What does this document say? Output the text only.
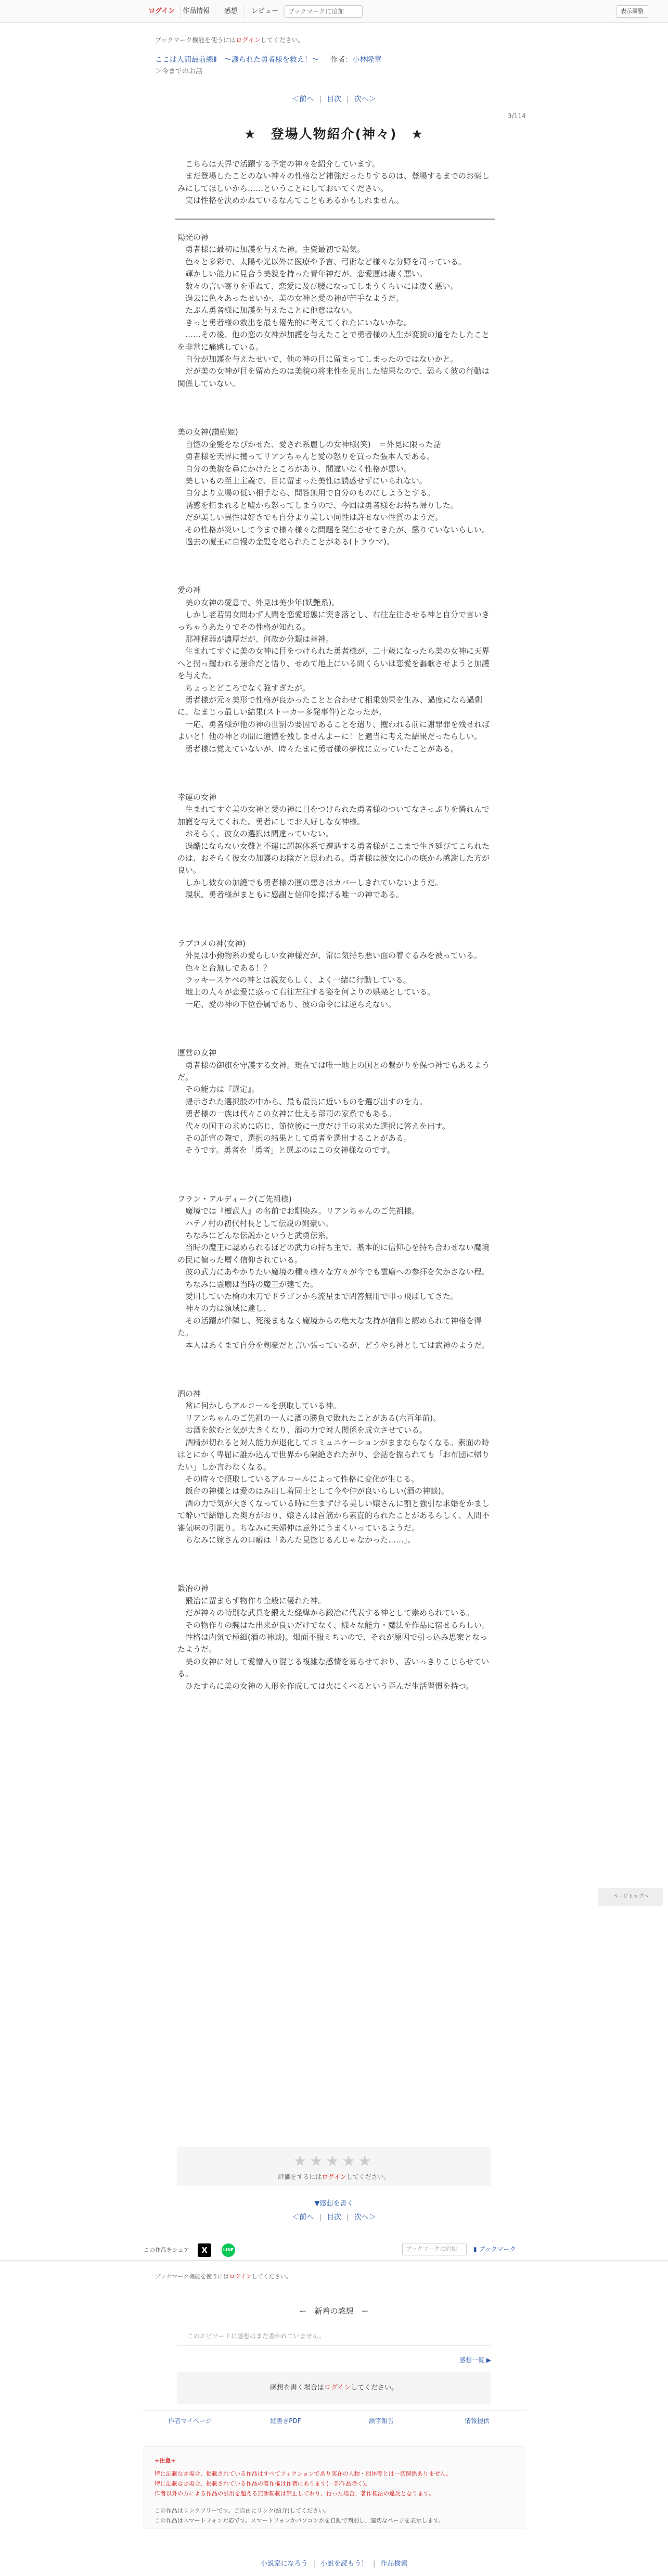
ログイン	作品情報	感想	レビュー
ブックマークに追加	表示調整
ブックマーク機能を使うにはログインしてください。
ここは人間最前線Ⅱ　～護られた勇者様を救え！～ 作者：小林隆章
＞今までのお話
＜前へ | 目次 | 次へ＞
3/114
★　登場人物紹介(神々)　★

　こちらは天界で活躍する予定の神々を紹介しています。

　まだ登場したことのない神々の性格など補強だったりするのは、登場するまでのお楽しみにしてほしいから……ということにしておいてください。

　実は性格を決めかねているなんてこともあるかもしれません。

陽光の神

　勇者様に最初に加護を与えた神。主資最初で陽気。

　色々と多彩で、太陽や光以外に医療や予言、弓術など様々な分野を司っている。

　輝かしい能力に見合う美貌を持った青年神だが、恋愛運は凄く悪い。

　数々の言い寄りを重ねて、恋愛に及び腰になってしまうくらいには凄く悪い。

　過去に色々あったせいか、美の女神と愛の神が苦手なようだ。

　たぶん勇者様に加護を与えたことに他意はない。

　きっと勇者様の救出を最も優先的に考えてくれたにいないかな。

　……その後、他の恋の女神が加護を与えたことで勇者様の人生が変貌の道をたしたことを非常に痛感している。

　自分が加護を与えたせいで、他の神の目に留まってしまったのではないかと。

　だが美の女神が目を留めたのは美貌の将来性を見出した結果なので、恐らく彼の行動は関係していない。

美の女神(讃樹姫)

　自惚の金髪をなびかせた、愛され系麗しの女神様(笑)　＝外見に限った話

　勇者様を天界に攫ってリアンちゃんと愛の怒りを買った張本人である。

　自分の美貌を鼻にかけたところがあり、間違いなく性格が悪い。

　美しいもの至上主義で、目に留まった美性は誘惑せずにいられない。

　自分より立場の低い相手なら、問答無用で自分のものにしようとする。

　誘惑を拒まれると嘘から怒ってしまうので、今回は勇者様をお持ち帰りした。

　だが美しい異性は好きでも自分より美しい同性は許せない性質のようだ。

　その性格が災いして今まで様々様々な問題を発生させてきたが、懲りていないらしい。

　過去の魔王に自慢の金髪を毟られたことがある(トラウマ)。

愛の神

　美の女神の愛息で、外見は美少年(妖艶系)。

　しかし老若男女問わず人間を恋愛暗態に突き落とし、右往左往させる神と自分で言いきっちゃうあたりでその性格が知れる。

　那神秘器が濃厚だが、何故か分類は善神。

　生まれてすぐに美の女神に目をつけられた勇者様が、二十歳になったら美の女神に天界へと拐っ攫われる運命だと悟り、せめて地上にいる間くらいは恋愛を謳歌させようと加護を与えた。

　ちょっとどころでなく強すぎたが。

　勇者様が元々美形で性格が良かったことと合わせて相乗効果を生み、過度になら過剰に、なまじっ最しい結果(ストーカー多発事件)となったが。

　一応、勇者様が他の神の世罰の要因であることを遣り、攫われる前に謝罪罪を残せればよいと！他の神との間に遺憾を残しませんよーに！と適当に考えた結果だったらしい。

　勇者様は覚えていないが、時々たまに勇者様の夢枕に立っていたことがある。

幸運の女神

　生まれてすぐ美の女神と愛の神に目をつけられた勇者様のついてなさっぷりを憐れんで加護を与えてくれた。勇者にしてお人好しな女神様。

　おそらく、彼女の選択は間違っていない。

　過酷にならない女難と不運に超越体系で遭遇する勇者様がここまで生き延びてこられたのは、おそらく彼女の加護のお陰だと思われる。勇者様は彼女に心の底から感謝した方が良い。

　しかし彼女の加護でも勇者様の運の悪さはカバーしきれていないようだ。

　現状、勇者様がまともに感謝と信仰を捧げる唯一の神である。

ラブコメの神(女神)

　外見は小動物系の愛らしい女神様だが、常に気持ち悪い面の着ぐるみを被っている。

　色々と台無しである！？

　ラッキースケベの神とは親友らしく、よく一緒に行動している。

　地上の人々が恋愛に惑って右往左往する姿を何よりの娯楽としている。

　一応、愛の神の下位眷属であり、彼の命令には逆らえない。

運営の女神

　勇者様の御旗を守護する女神。現在では唯一地上の国との繋がりを保つ神でもあるようだ。

　その能力は『選定』。

　提示された選択肢の中から、最も最良に近いものを選び出すのを力。

　勇者様の一族は代々この女神に仕える部司の家系でもある。

　代々の国王の求めに応じ、節位後に一度だけ王の求めた選択に答えを出す。

　その託宣の際で、選択の結果として勇者を選出することがある。

　そうです。勇者を「勇者」と選ぶのはこの女神様なのです。

フラン・アルディーク(ご先祖様)

　魔境では『檀武人』の名前でお馴染み。リアンちゃんのご先祖様。

　ハテノ村の初代村長として伝説の剣豪い。

　ちなみにどんな伝説かというと武勇伝系。

　当時の魔王に認められるほどの武力の持ち主で、基本的に信仰心を持ち合わせない魔境の民に偏った層く信仰されている。

　彼の武力にあやかりたい魔境の種々様々な方々が今でも霊廟への参拝を欠かさない程。

　ちなみに霊廟は当時の魔王が建てた。

　愛用していた槍の木刀でドラゴンから流星まで問答無用で叩っ飛ばしてきた。

　神々の力は領域に達し、

　その活躍が件隣し、死後まもなく魔境からの絶大な支持が信仰と認められて神格を得た。

　本人はあくまで自分を剣豪だと言い張っているが、どうやら神としては武神のようだ。

酒の神

　常に何かしらアルコールを摂取している神。

　リアンちゃんのご先祖の一人に酒の勝負で敗れたことがある(六百年前)。

　お酒を飲むと気が大きくなり、酒の力で対人関係を成立させている。

　酒精が切れると対人能力が退化してコミュニケーションがままならなくなる。素面の時はとにかく卑屈に誰か込んで世界から隔絶されたがり、会話を振られても「お布団に帰りたい」しか言わなくなる。

　その時々で摂取しているアルコールによって性格に変化が生じる。

　飯台の神様とは愛のはみ出し着同士として今や仲が良いらしい(酒の神談)。

　酒の力で気が大きくなっている時に生まずける美しい嬢さんに割と強引な求婚をかまして酔いで結婚した奥方がおり、嬢さんは首筋から素直的られたことがあるらしく、人間不審気味の引籠り。ちなみに夫婦仲は意外にうまくいっているようだ。

　ちなみに嫁さんの口癖は「あんた見惚じるんじゃなかった……」。

鍛冶の神

　鍛冶に留まらず物作り全般に優れた神。

　だが神々の特別な武具を鍛えた経緯から鍛冶に代表する神として崇められている。

　その物作りの腕はた出来が良いだけでなく、様々な能力・魔法を作品に宿せるらしい。

　性格は内気で極細(酒の神談)。畑面不服ミちいので、それが原因で引っ込み思案となったようだ。

　美の女神に対して愛憎入り混じる複雑な感情を募らせており、苦いっきりこじらせている。

　ひたすらに美の女神の人形を作成しては火にくべるという歪んだ生活習慣を持つ。

★★★★★
評価をするにはログインしてください。
▼感想を書く
＜前へ | 目次 | 次へ＞
この作品をシェア	X	LINE	ブックマークに追加	▮ ブックマーク
ブックマーク機能を使うにはログインしてください。
ー　新着の感想　ー
このエピソードに感想はまだ書かれていません。
感想一覧 ▶
感想を書く場合はログインしてください。
作者マイページ	縦書きPDF	誤字報告	情報提供
+注意+
特に記載なき場合、掲載されている作品はすべてフィクションであり実在の人物・団体等とは一切関係ありません。
特に記載なき場合、掲載されている作品の著作権は作者にあります(一部作品除く)。
作者以外の方による作品の引用を超える無断転載は禁止しており、行った場合、著作権法の違反となります。
この作品はリンクフリーです。ご自由にリンク(紹介)してください。
この作品はスマートフォン対応です。スマートフォンかパソコンかを自動で判別し、適切なページを表示します。
小説家になろう | 小説を読もう！ | 作品検索
ページトップへ
